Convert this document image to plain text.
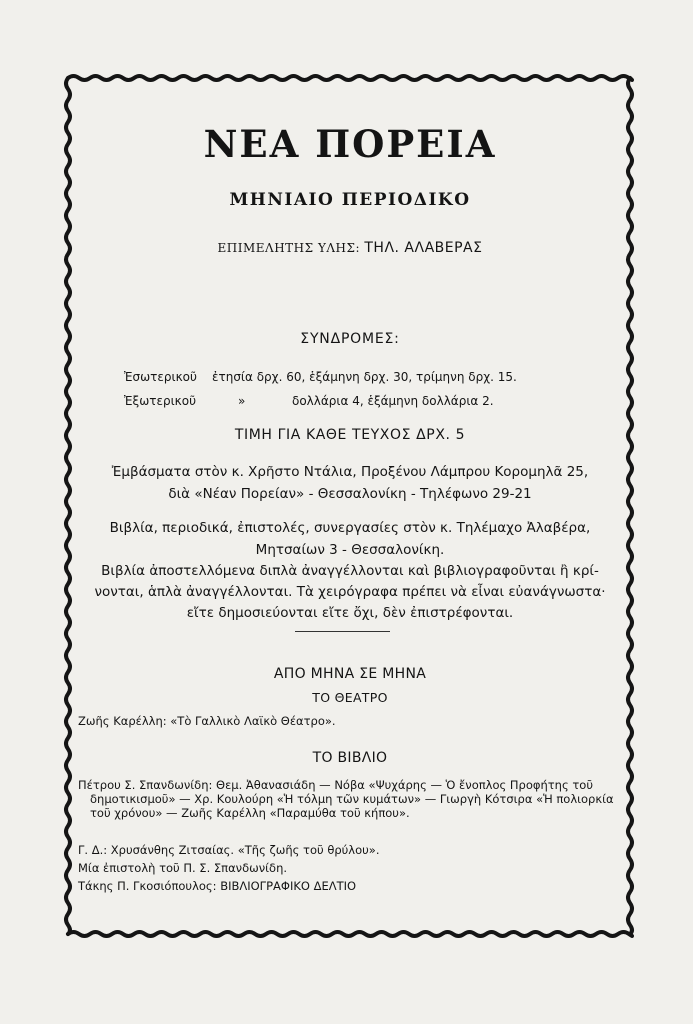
ΝΕΑ ΠΟΡΕΙΑ
ΜΗΝΙΑΙΟ ΠΕΡΙΟΔΙΚΟ
ΕΠΙΜΕΛΗΤΗΣ ΥΛΗΣ: ΤΗΛ. ΑΛΑΒΕΡΑΣ
ΣΥΝΔΡΟΜΕΣ:
Ἐσωτερικοῦ ἐτησία δρχ. 60, ἑξάμηνη δρχ. 30, τρίμηνη δρχ. 15.
Ἐξωτερικοῦ	»	δολλάρια 4, ἑξάμηνη δολλάρια 2.
ΤΙΜΗ ΓΙΑ ΚΑΘΕ ΤΕΥΧΟΣ ΔΡΧ. 5
Ἐμβάσματα στὸν κ. Χρῆστο Ντάλια, Προξένου Λάμπρου Κορομηλᾶ 25,
διὰ «Νέαν Πορείαν» - Θεσσαλονίκη - Τηλέφωνο 29-21
Βιβλία, περιοδικά, ἐπιστολές, συνεργασίες στὸν κ. Τηλέμαχο Ἀλαβέρα,
Μητσαίων 3 - Θεσσαλονίκη.
Βιβλία ἀποστελλόμενα διπλὰ ἀναγγέλλονται καὶ βιβλιογραφοῦνται ἢ κρί-
νονται, ἁπλὰ ἀναγγέλλονται. Τὰ χειρόγραφα πρέπει νὰ εἶναι εὐανάγνωστα·
εἴτε δημοσιεύονται εἴτε ὄχι, δὲν ἐπιστρέφονται.
ΑΠΟ ΜΗΝΑ ΣΕ ΜΗΝΑ
ΤΟ ΘΕΑΤΡΟ
Ζωῆς Καρέλλη: «Τὸ Γαλλικὸ Λαϊκὸ Θέατρο».
ΤΟ ΒΙΒΛΙΟ
Πέτρου Σ. Σπανδωνίδη: Θεμ. Ἀθανασιάδη — Νόβα «Ψυχάρης — Ὁ ἔνοπλος Προφήτης τοῦ δημοτικισμοῦ» — Χρ. Κουλούρη «Ἡ τόλμη τῶν κυμάτων» — Γιωργὴ Κότσιρα «Ἡ πολιορκία τοῦ χρόνου» — Ζωῆς Καρέλλη «Παραμύθα τοῦ κήπου».
Γ. Δ.: Χρυσάνθης Ζιτσαίας. «Τῆς ζωῆς τοῦ θρύλου».
Μία ἐπιστολὴ τοῦ Π. Σ. Σπανδωνίδη.
Τάκης Π. Γκοσιόπουλος: ΒΙΒΛΙΟΓΡΑΦΙΚΟ ΔΕΛΤΙΟ
